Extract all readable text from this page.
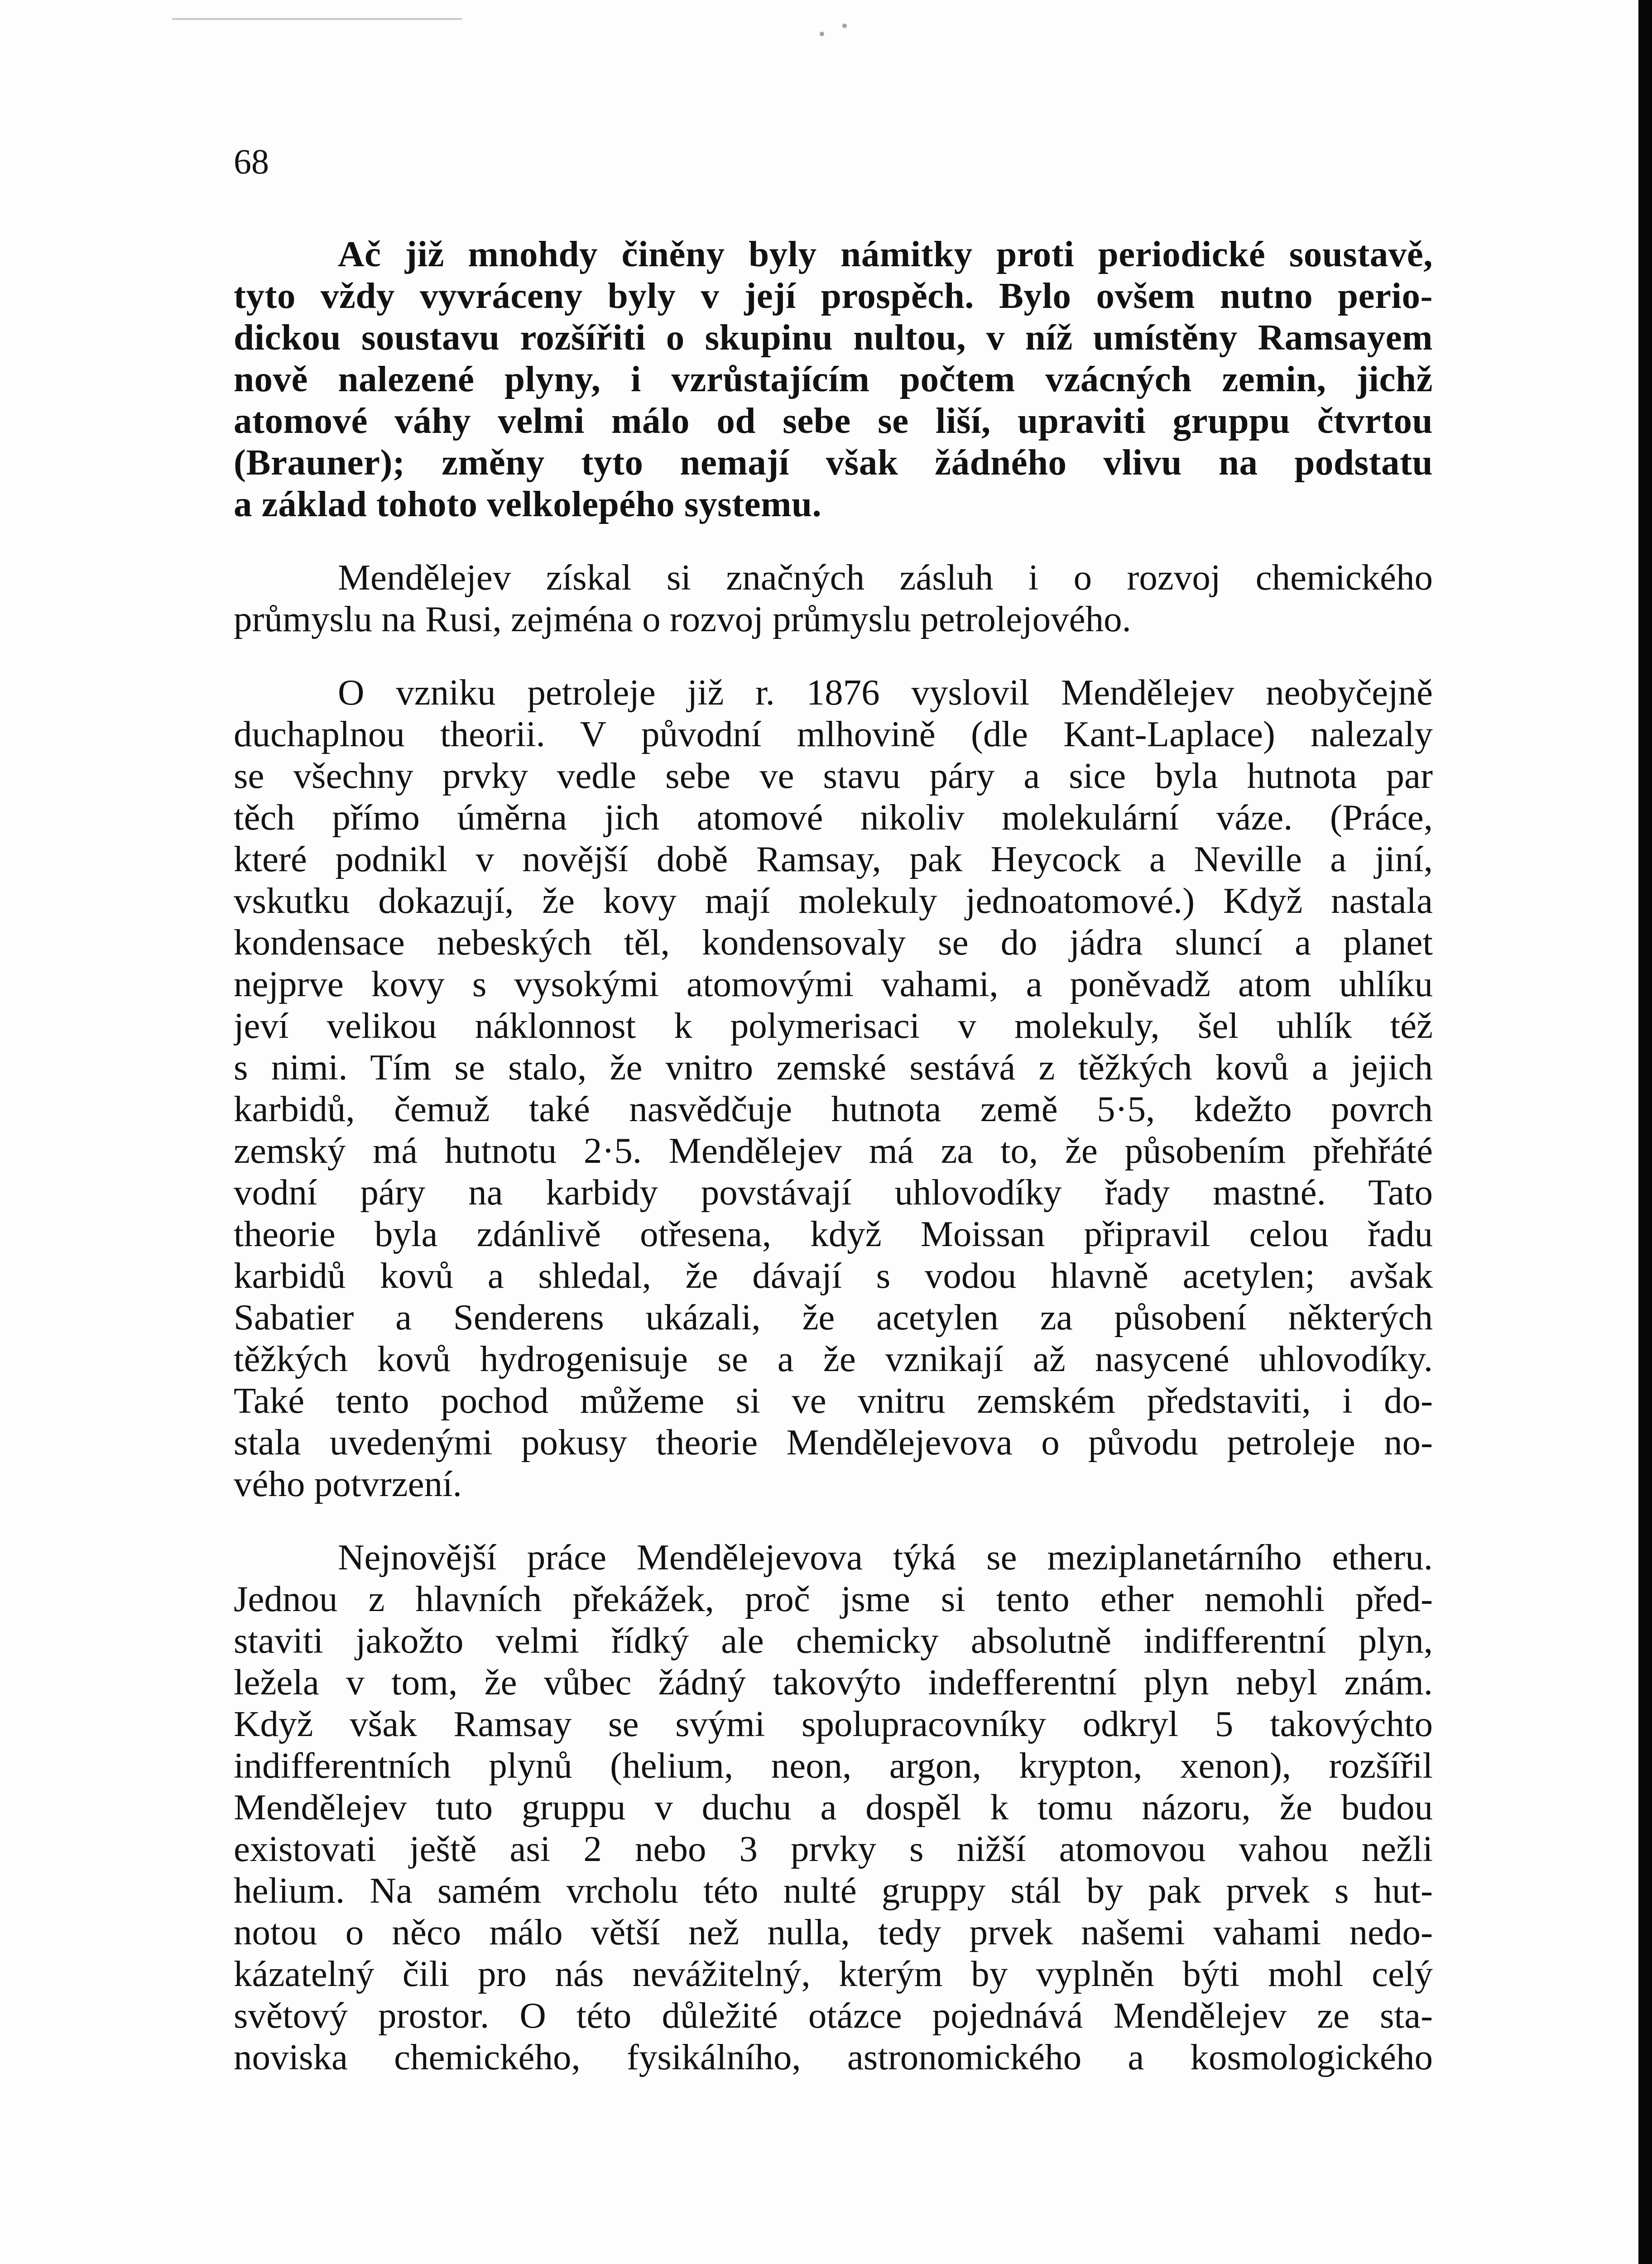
68
Ač již mnohdy činěny byly námitky proti periodické soustavě,
tyto vždy vyvráceny byly v její prospěch. Bylo ovšem nutno perio-
dickou soustavu rozšířiti o skupinu nultou, v níž umístěny Ramsayem
nově nalezené plyny, i vzrůstajícím počtem vzácných zemin, jichž
atomové váhy velmi málo od sebe se liší, upraviti gruppu čtvrtou
(Brauner); změny tyto nemají však žádného vlivu na podstatu
a základ tohoto velkolepého systemu.
Mendělejev získal si značných zásluh i o rozvoj chemického
průmyslu na Rusi, zejména o rozvoj průmyslu petrolejového.
O vzniku petroleje již r. 1876 vyslovil Mendělejev neobyčejně
duchaplnou theorii. V původní mlhovině (dle Kant-Laplace) nalezaly
se všechny prvky vedle sebe ve stavu páry a sice byla hutnota par
těch přímo úměrna jich atomové nikoliv molekulární váze. (Práce,
které podnikl v novější době Ramsay, pak Heycock a Neville a jiní,
vskutku dokazují, že kovy mají molekuly jednoatomové.) Když nastala
kondensace nebeských těl, kondensovaly se do jádra sluncí a planet
nejprve kovy s vysokými atomovými vahami, a poněvadž atom uhlíku
jeví velikou náklonnost k polymerisaci v molekuly, šel uhlík též
s nimi. Tím se stalo, že vnitro zemské sestává z těžkých kovů a jejich
karbidů, čemuž také nasvědčuje hutnota země 5·5, kdežto povrch
zemský má hutnotu 2·5. Mendělejev má za to, že působením přehřáté
vodní páry na karbidy povstávají uhlovodíky řady mastné. Tato
theorie byla zdánlivě otřesena, když Moissan připravil celou řadu
karbidů kovů a shledal, že dávají s vodou hlavně acetylen; avšak
Sabatier a Senderens ukázali, že acetylen za působení některých
těžkých kovů hydrogenisuje se a že vznikají až nasycené uhlovodíky.
Také tento pochod můžeme si ve vnitru zemském představiti, i do-
stala uvedenými pokusy theorie Mendělejevova o původu petroleje no-
vého potvrzení.
Nejnovější práce Mendělejevova týká se meziplanetárního etheru.
Jednou z hlavních překážek, proč jsme si tento ether nemohli před-
staviti jakožto velmi řídký ale chemicky absolutně indifferentní plyn,
ležela v tom, že vůbec žádný takovýto indefferentní plyn nebyl znám.
Když však Ramsay se svými spolupracovníky odkryl 5 takovýchto
indifferentních plynů (helium, neon, argon, krypton, xenon), rozšířil
Mendělejev tuto gruppu v duchu a dospěl k tomu názoru, že budou
existovati ještě asi 2 nebo 3 prvky s nižší atomovou vahou nežli
helium. Na samém vrcholu této nulté gruppy stál by pak prvek s hut-
notou o něco málo větší než nulla, tedy prvek našemi vahami nedo-
kázatelný čili pro nás nevážitelný, kterým by vyplněn býti mohl celý
světový prostor. O této důležité otázce pojednává Mendělejev ze sta-
noviska chemického, fysikálního, astronomického a kosmologického
